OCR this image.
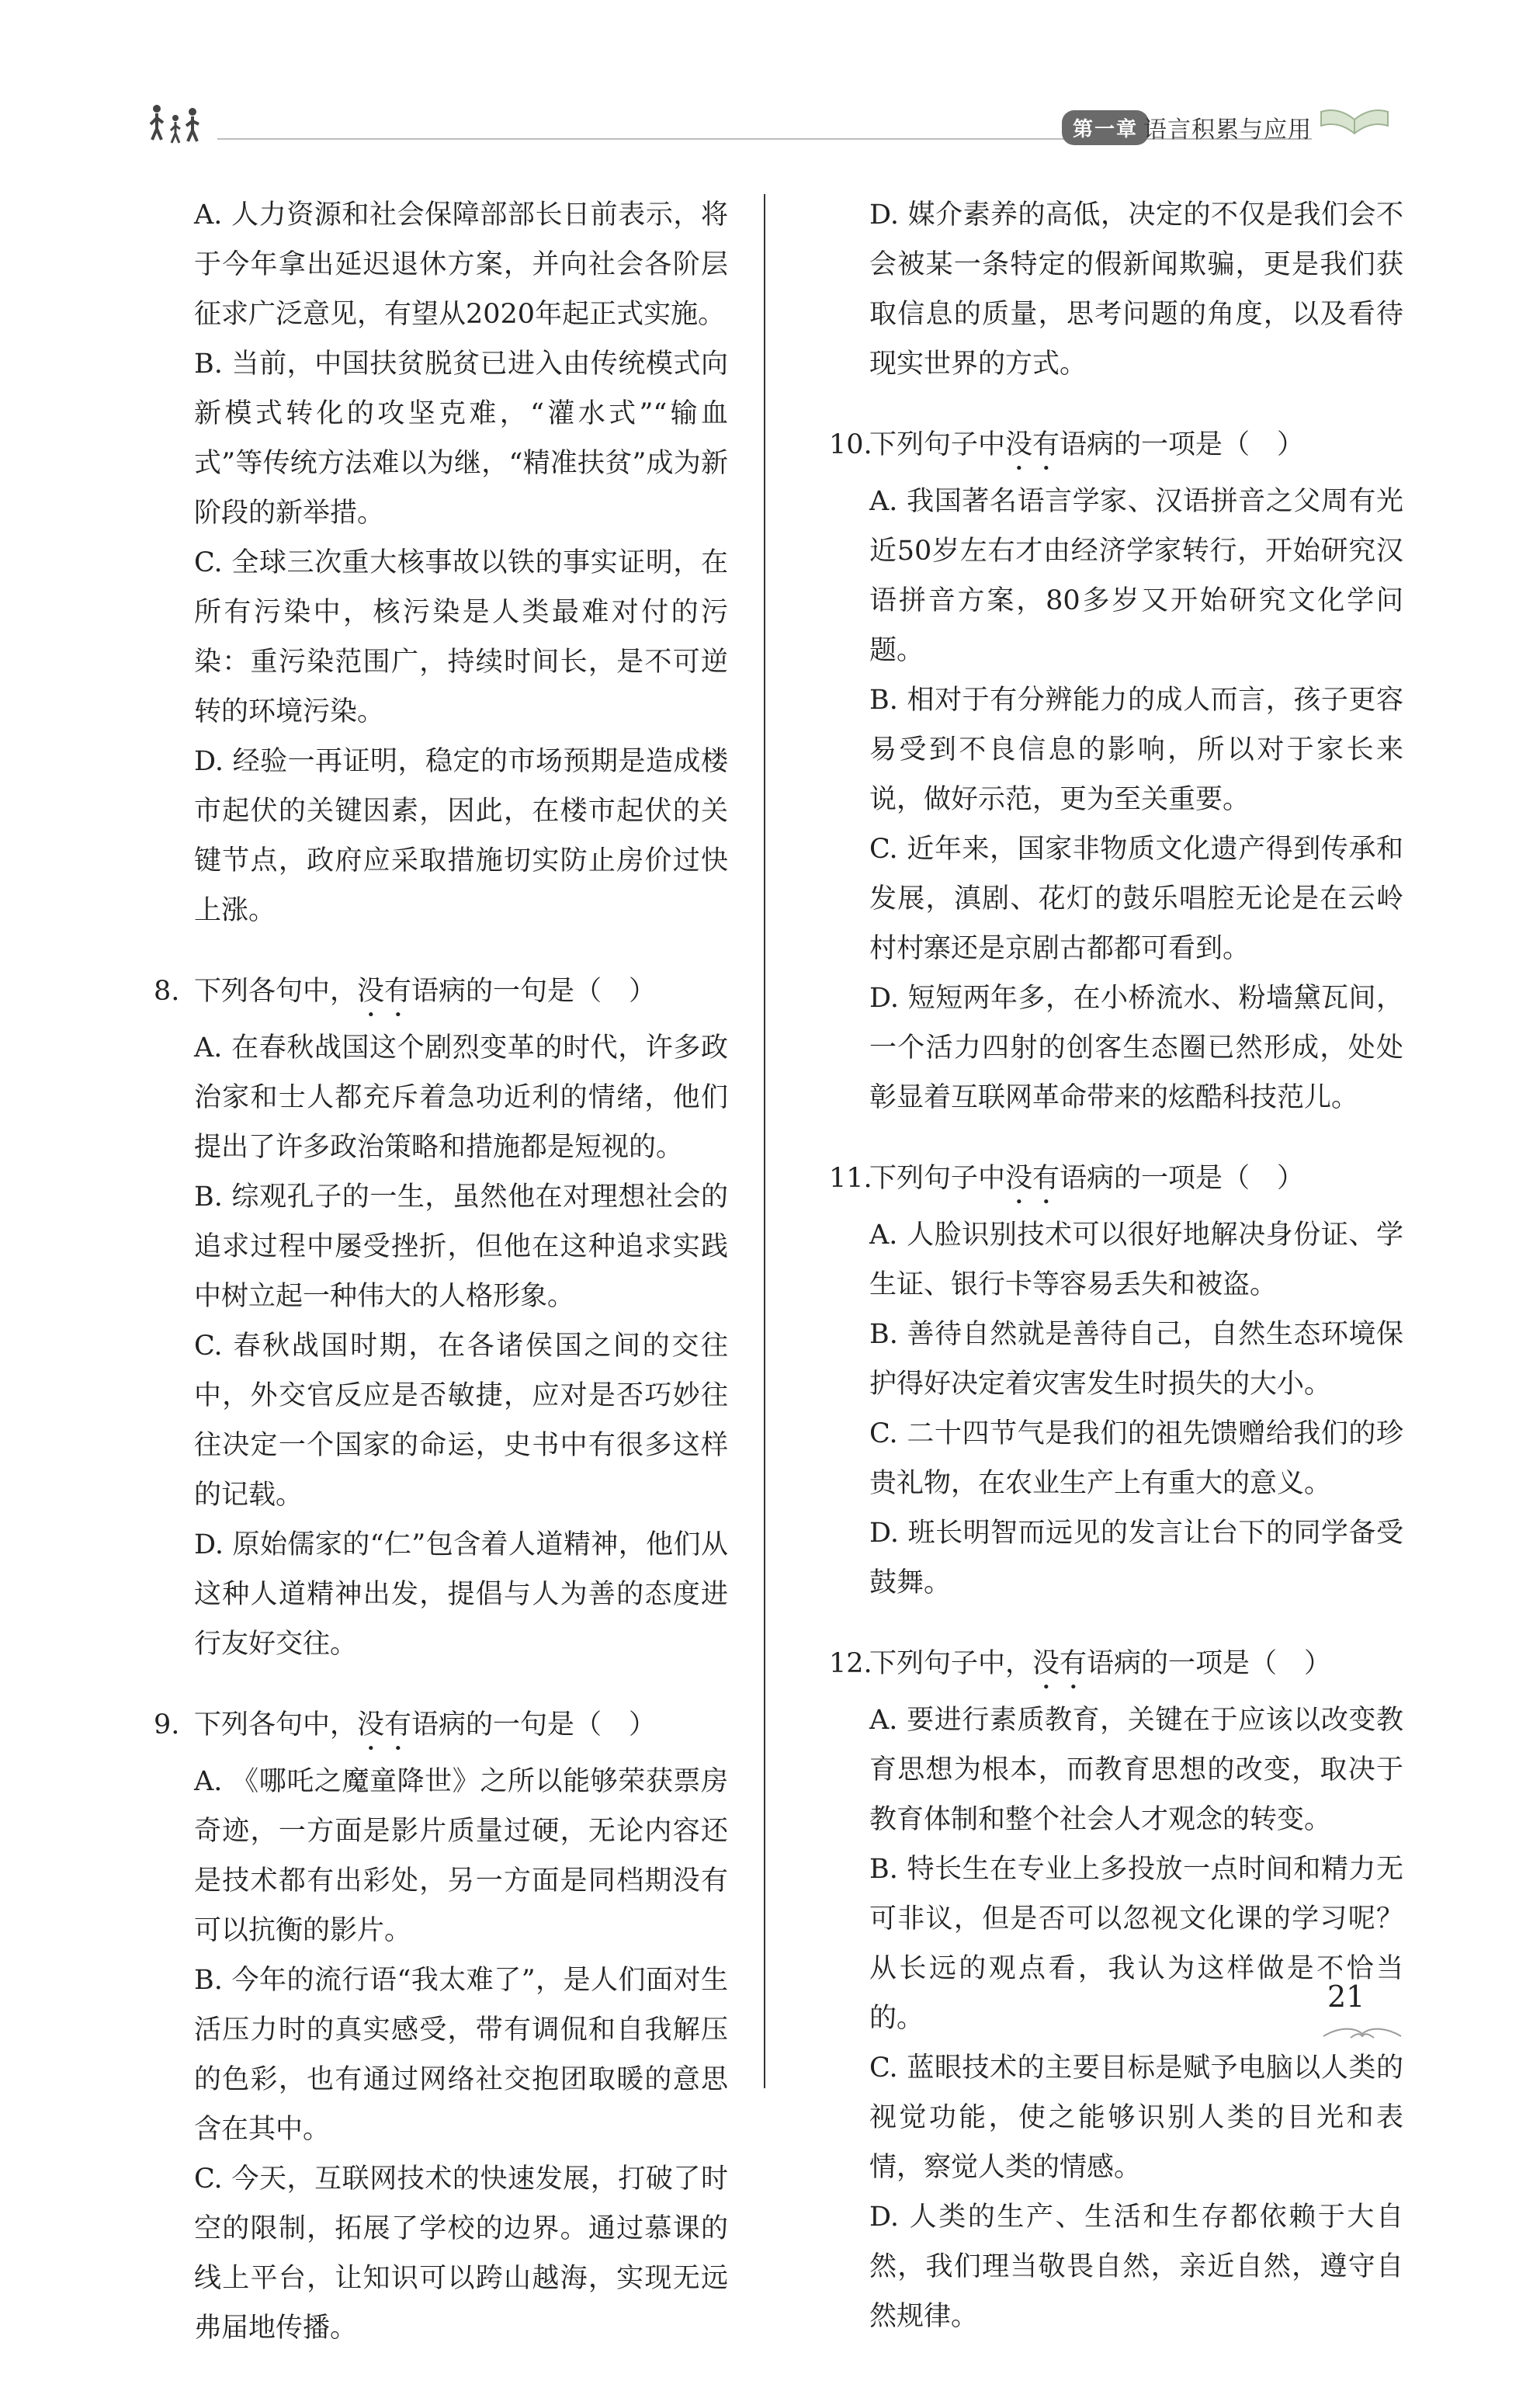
第一章 语言积累与应用
A. 人力资源和社会保障部部长日前表示，将于今年拿出延迟退休方案，并向社会各阶层征求广泛意见，有望从2020年起正式实施。
B. 当前，中国扶贫脱贫已进入由传统模式向新模式转化的攻坚克难，“灌水式”“输血式”等传统方法难以为继，“精准扶贫”成为新阶段的新举措。
C. 全球三次重大核事故以铁的事实证明，在所有污染中，核污染是人类最难对付的污染：重污染范围广，持续时间长，是不可逆转的环境污染。
D. 经验一再证明，稳定的市场预期是造成楼市起伏的关键因素，因此，在楼市起伏的关键节点，政府应采取措施切实防止房价过快上涨。
8. 下列各句中，没有语病的一句是（　）
A. 在春秋战国这个剧烈变革的时代，许多政治家和士人都充斥着急功近利的情绪，他们提出了许多政治策略和措施都是短视的。
B. 综观孔子的一生，虽然他在对理想社会的追求过程中屡受挫折，但他在这种追求实践中树立起一种伟大的人格形象。
C. 春秋战国时期，在各诸侯国之间的交往中，外交官反应是否敏捷，应对是否巧妙往往决定一个国家的命运，史书中有很多这样的记载。
D. 原始儒家的“仁”包含着人道精神，他们从这种人道精神出发，提倡与人为善的态度进行友好交往。
9. 下列各句中，没有语病的一句是（　）
A. 《哪吒之魔童降世》之所以能够荣获票房奇迹，一方面是影片质量过硬，无论内容还是技术都有出彩处，另一方面是同档期没有可以抗衡的影片。
B. 今年的流行语“我太难了”，是人们面对生活压力时的真实感受，带有调侃和自我解压的色彩，也有通过网络社交抱团取暖的意思含在其中。
C. 今天，互联网技术的快速发展，打破了时空的限制，拓展了学校的边界。通过慕课的线上平台，让知识可以跨山越海，实现无远弗届地传播。
D. 媒介素养的高低，决定的不仅是我们会不会被某一条特定的假新闻欺骗，更是我们获取信息的质量，思考问题的角度，以及看待现实世界的方式。
10.下列句子中没有语病的一项是（　）
A. 我国著名语言学家、汉语拼音之父周有光近50岁左右才由经济学家转行，开始研究汉语拼音方案，80多岁又开始研究文化学问题。
B. 相对于有分辨能力的成人而言，孩子更容易受到不良信息的影响，所以对于家长来说，做好示范，更为至关重要。
C. 近年来，国家非物质文化遗产得到传承和发展，滇剧、花灯的鼓乐唱腔无论是在云岭村村寨还是京剧古都都可看到。
D. 短短两年多，在小桥流水、粉墙黛瓦间，一个活力四射的创客生态圈已然形成，处处彰显着互联网革命带来的炫酷科技范儿。
11.下列句子中没有语病的一项是（　）
A. 人脸识别技术可以很好地解决身份证、学生证、银行卡等容易丢失和被盗。
B. 善待自然就是善待自己，自然生态环境保护得好决定着灾害发生时损失的大小。
C. 二十四节气是我们的祖先馈赠给我们的珍贵礼物，在农业生产上有重大的意义。
D. 班长明智而远见的发言让台下的同学备受鼓舞。
12.下列句子中，没有语病的一项是（　）
A. 要进行素质教育，关键在于应该以改变教育思想为根本，而教育思想的改变，取决于教育体制和整个社会人才观念的转变。
B. 特长生在专业上多投放一点时间和精力无可非议，但是否可以忽视文化课的学习呢？从长远的观点看，我认为这样做是不恰当的。
C. 蓝眼技术的主要目标是赋予电脑以人类的视觉功能，使之能够识别人类的目光和表情，察觉人类的情感。
D. 人类的生产、生活和生存都依赖于大自然，我们理当敬畏自然，亲近自然，遵守自然规律。
21
